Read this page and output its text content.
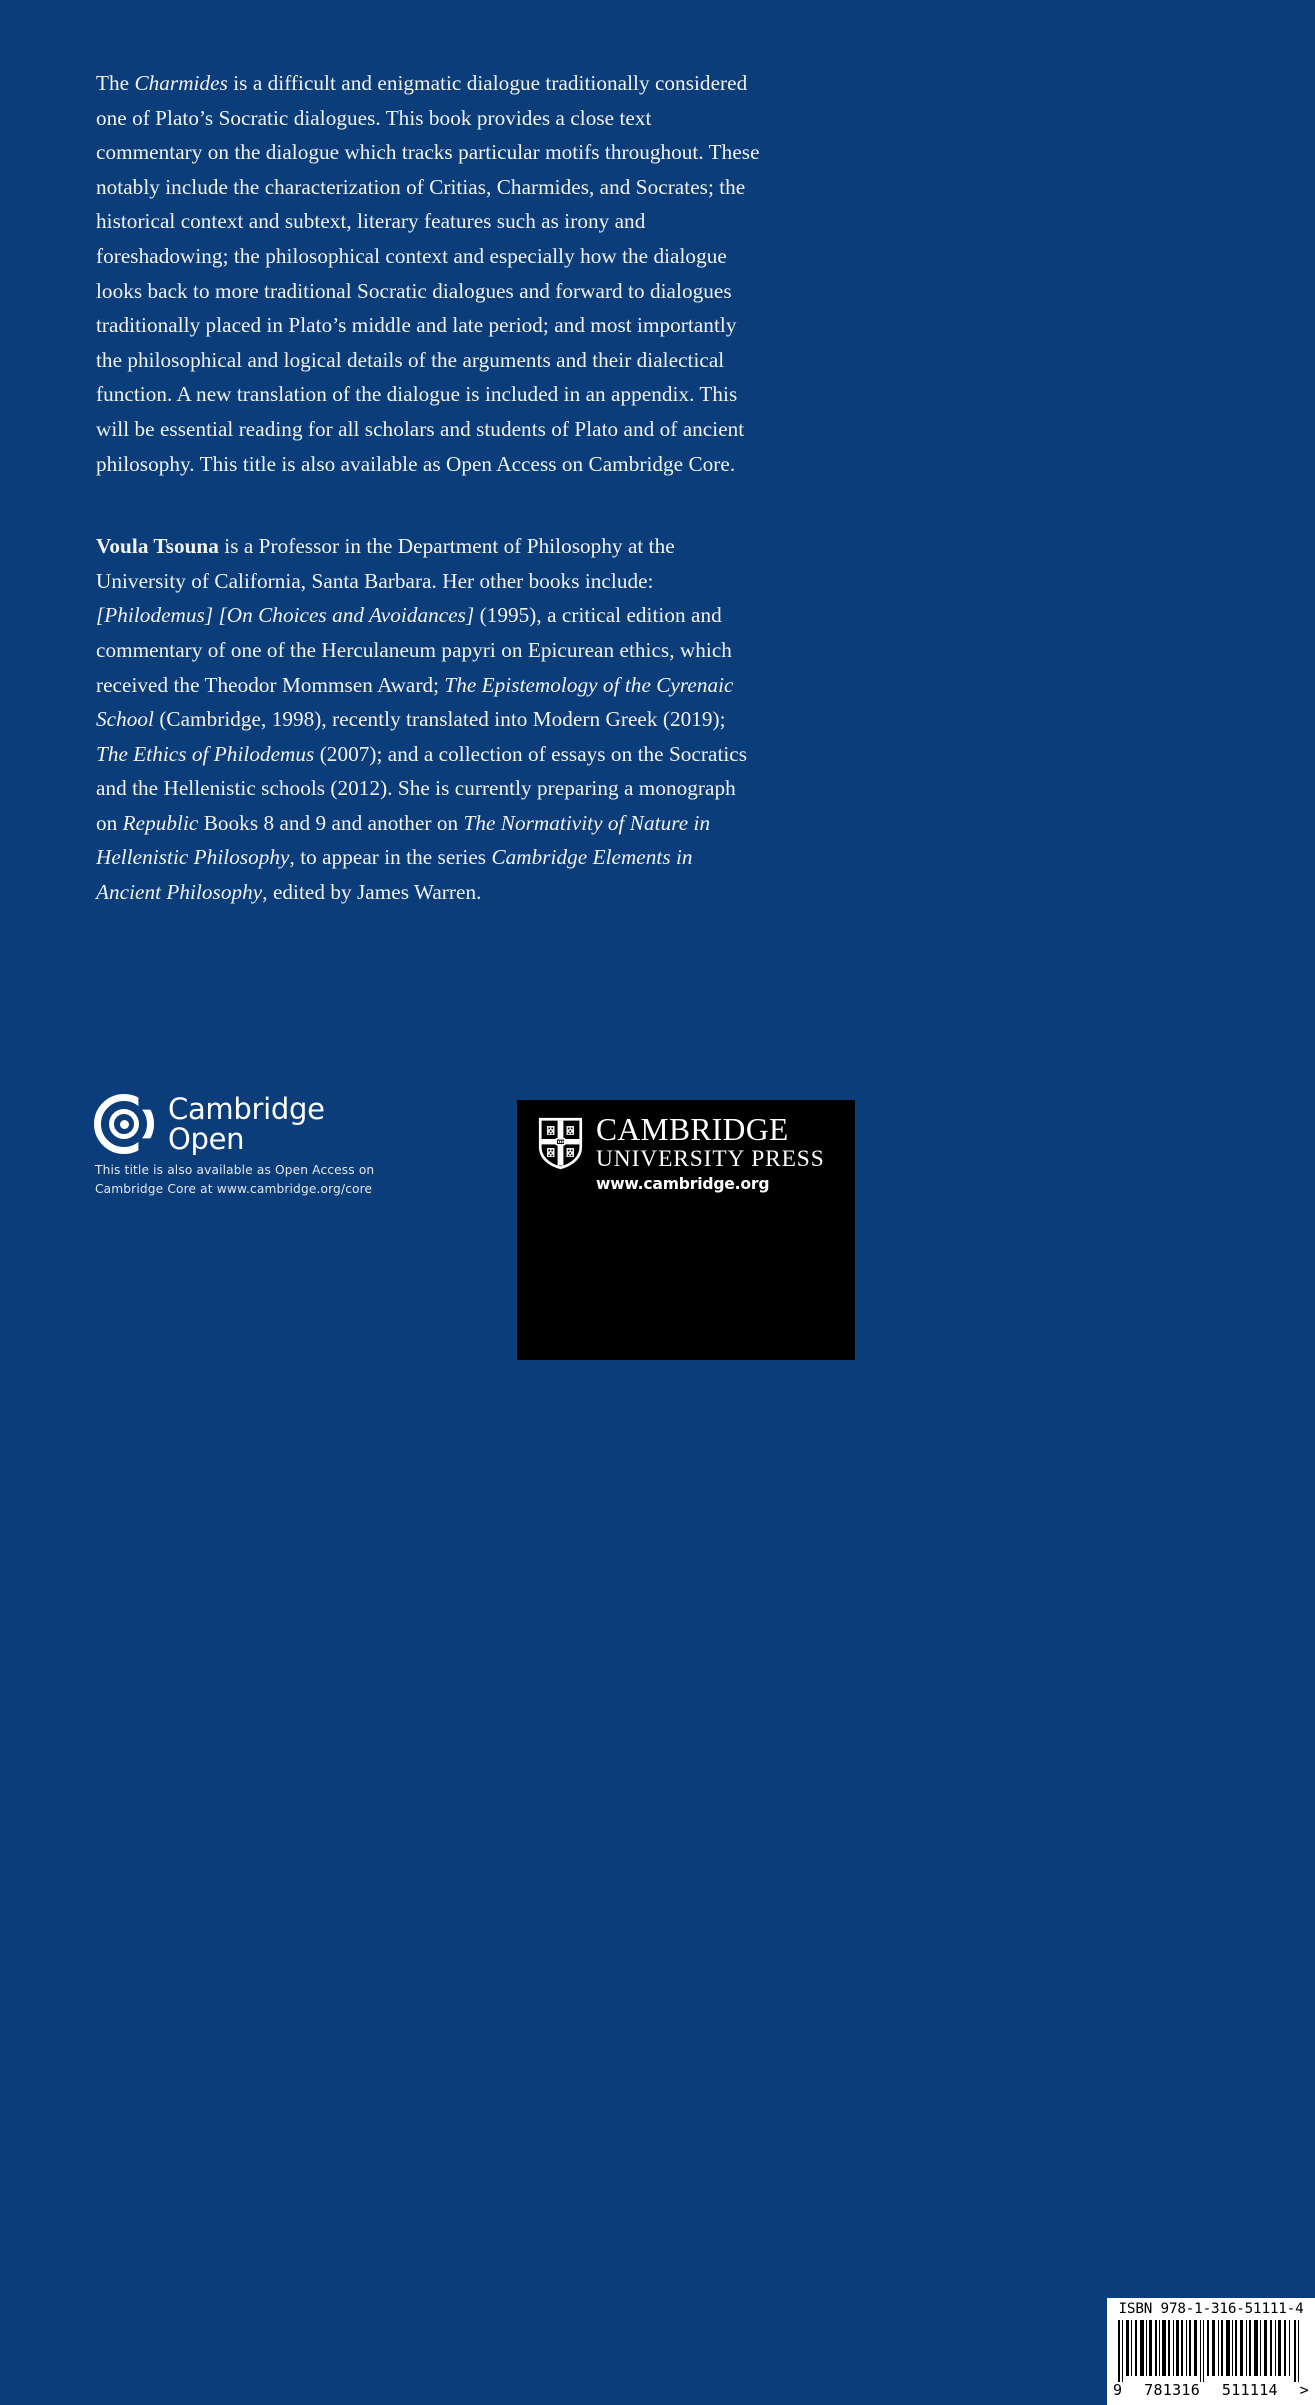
The Charmides is a difficult and enigmatic dialogue traditionally considered one of Plato’s Socratic dialogues. This book provides a close text commentary on the dialogue which tracks particular motifs throughout. These notably include the characterization of Critias, Charmides, and Socrates; the historical context and subtext, literary features such as irony and foreshadowing; the philosophical context and especially how the dialogue looks back to more traditional Socratic dialogues and forward to dialogues traditionally placed in Plato’s middle and late period; and most importantly the philosophical and logical details of the arguments and their dialectical function. A new translation of the dialogue is included in an appendix. This will be essential reading for all scholars and students of Plato and of ancient philosophy. This title is also available as Open Access on Cambridge Core.

Voula Tsouna is a Professor in the Department of Philosophy at the University of California, Santa Barbara. Her other books include: [Philodemus] [On Choices and Avoidances] (1995), a critical edition and commentary of one of the Herculaneum papyri on Epicurean ethics, which received the Theodor Mommsen Award; The Epistemology of the Cyrenaic School (Cambridge, 1998), recently translated into Modern Greek (2019); The Ethics of Philodemus (2007); and a collection of essays on the Socratics and the Hellenistic schools (2012). She is currently preparing a monograph on Republic Books 8 and 9 and another on The Normativity of Nature in Hellenistic Philosophy, to appear in the series Cambridge Elements in Ancient Philosophy, edited by James Warren.

Cambridge
Open
This title is also available as Open Access on
Cambridge Core at www.cambridge.org/core
CAMBRIDGE
UNIVERSITY PRESS
www.cambridge.org
ISBN 978-1-316-51111-4
9 781316 511114 >
